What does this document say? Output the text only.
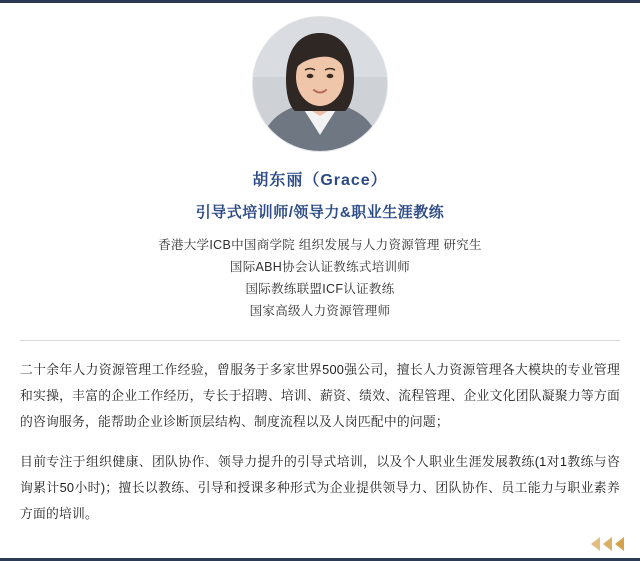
胡东丽（Grace）
引导式培训师/领导力&职业生涯教练
香港大学ICB中国商学院 组织发展与人力资源管理 研究生
国际ABH协会认证教练式培训师
国际教练联盟ICF认证教练
国家高级人力资源管理师

二十余年人力资源管理工作经验，曾服务于多家世界500强公司，擅长人力资源管理各大模块的专业管理和实操，丰富的企业工作经历，专长于招聘、培训、薪资、绩效、流程管理、企业文化团队凝聚力等方面的咨询服务，能帮助企业诊断顶层结构、制度流程以及人岗匹配中的问题；

目前专注于组织健康、团队协作、领导力提升的引导式培训，以及个人职业生涯发展教练(1对1教练与咨询累计50小时)；擅长以教练、引导和授课多种形式为企业提供领导力、团队协作、员工能力与职业素养方面的培训。
